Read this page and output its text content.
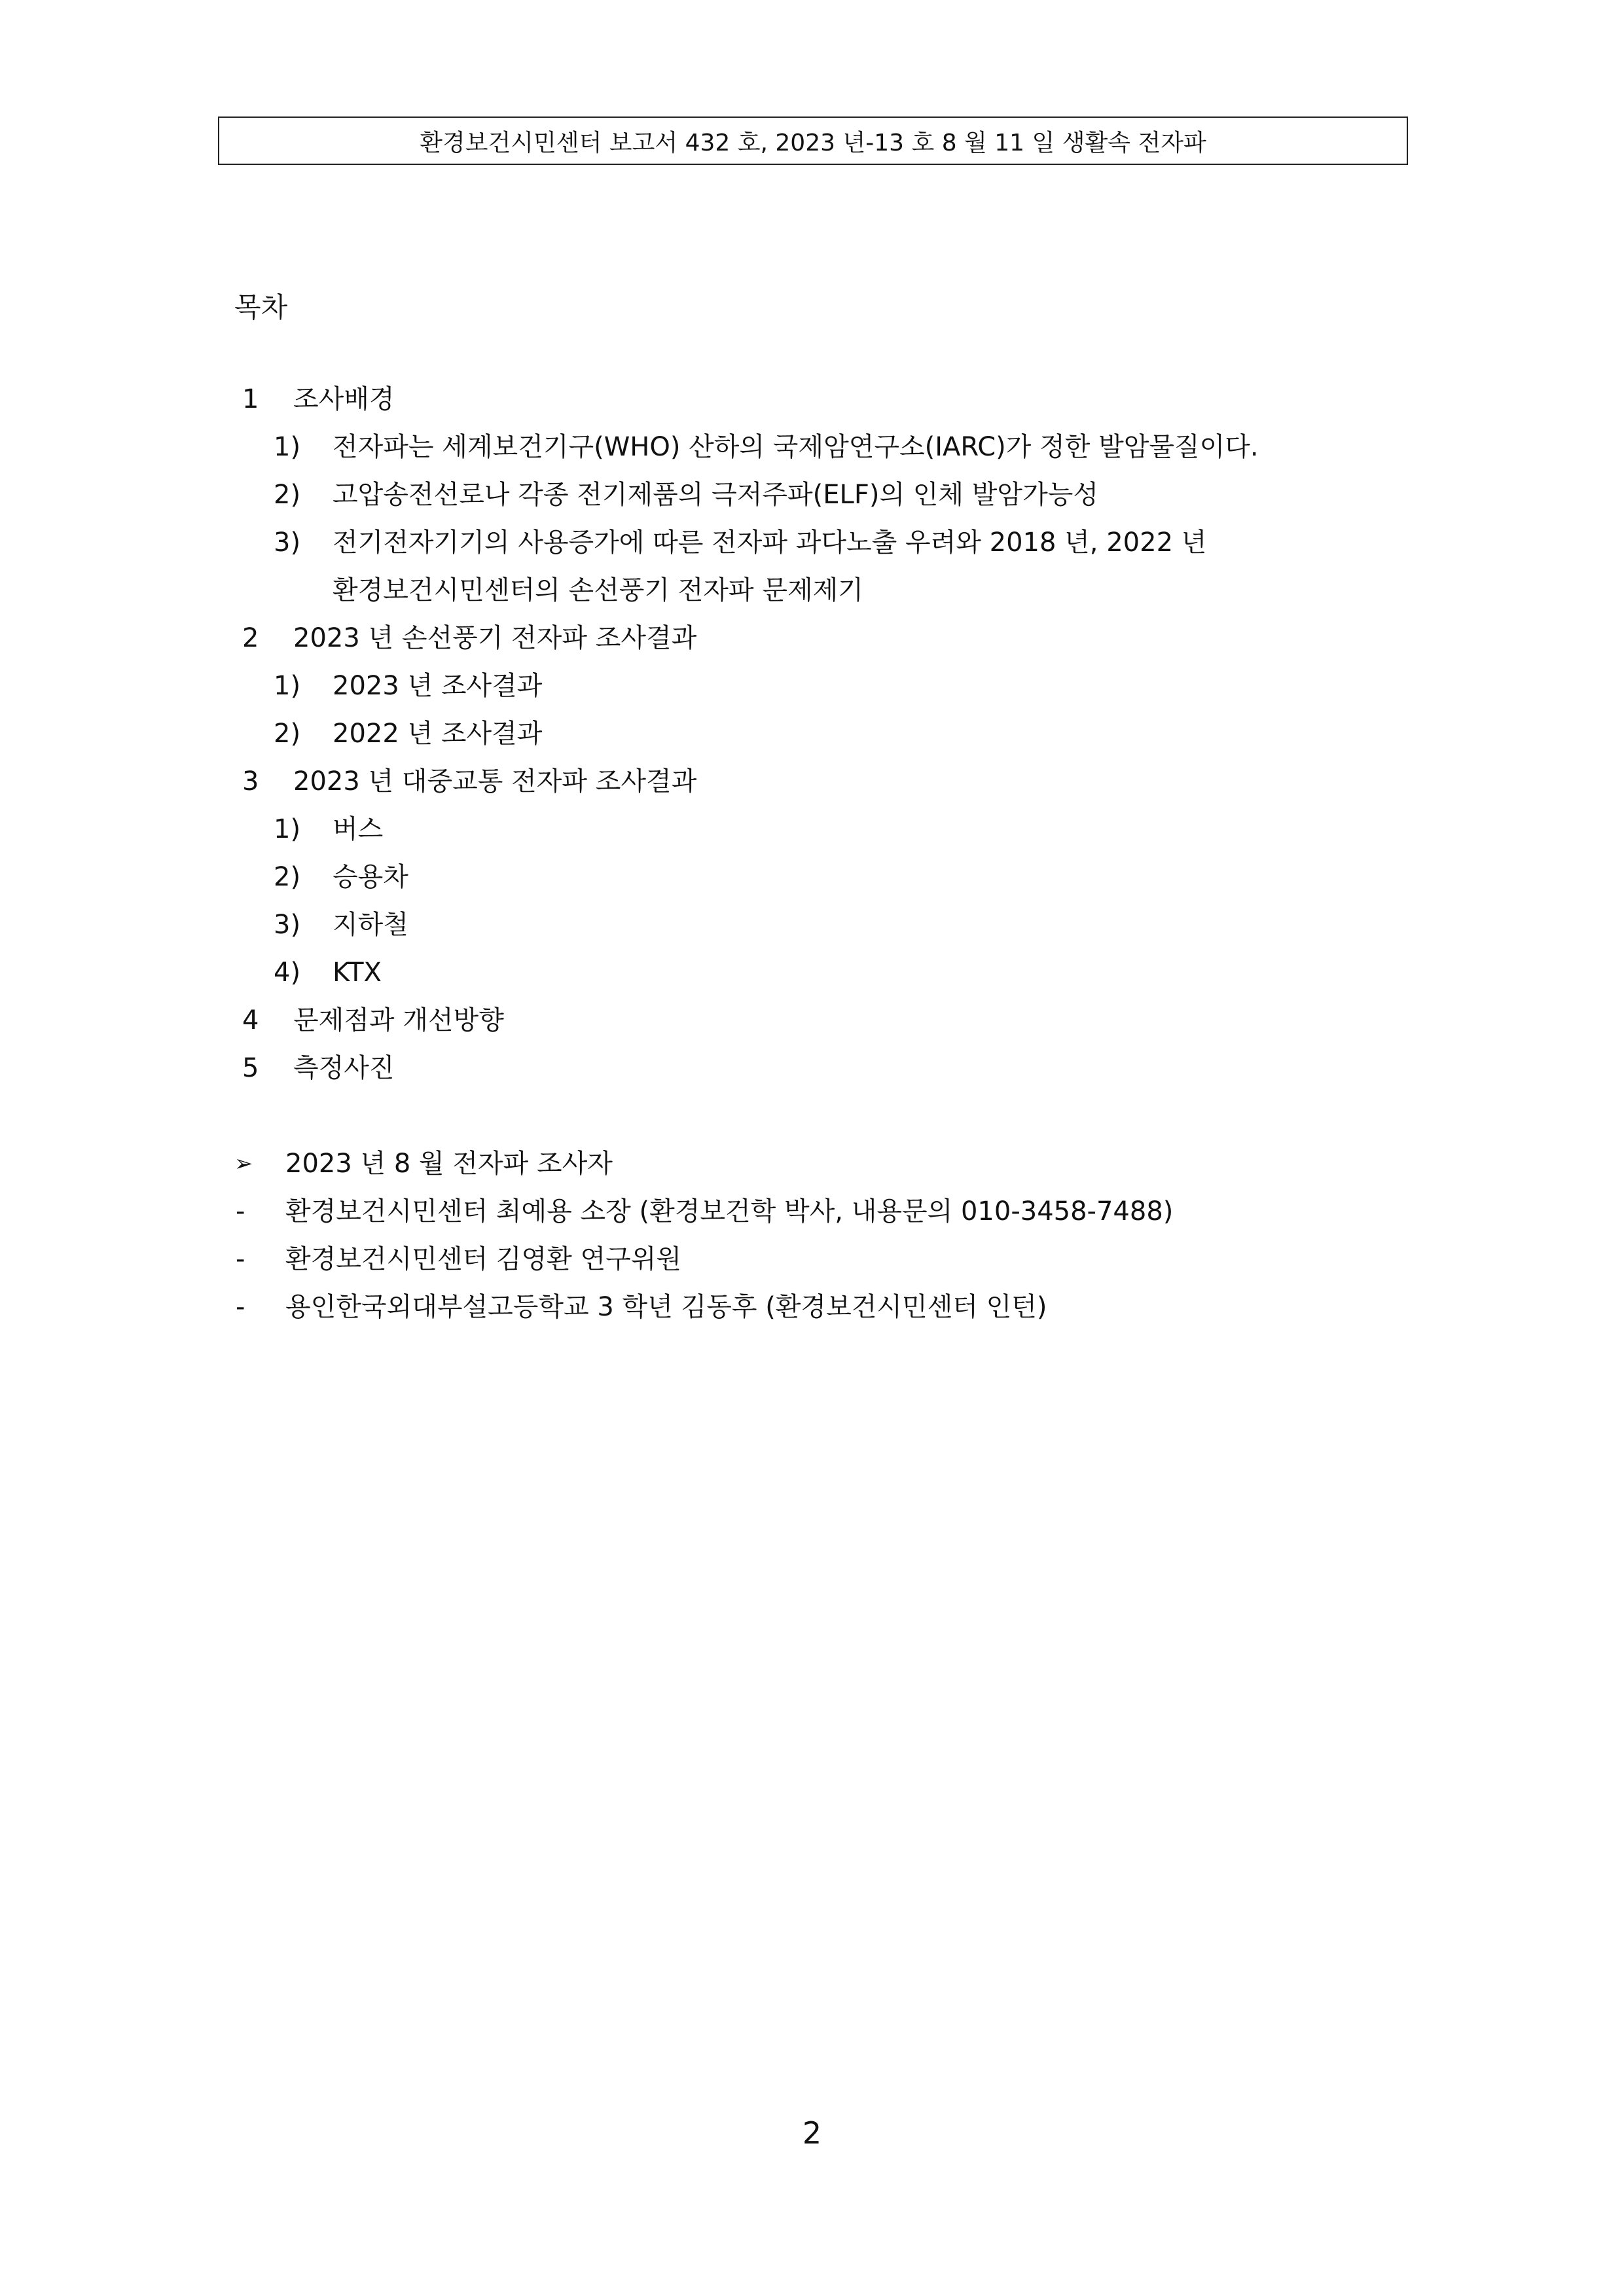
환경보건시민센터 보고서 432 호, 2023 년-13 호 8 월 11 일 생활속 전자파
목차
1 조사배경
1) 전자파는 세계보건기구(WHO) 산하의 국제암연구소(IARC)가 정한 발암물질이다.
2) 고압송전선로나 각종 전기제품의 극저주파(ELF)의 인체 발암가능성
3) 전기전자기기의 사용증가에 따른 전자파 과다노출 우려와 2018 년, 2022 년
환경보건시민센터의 손선풍기 전자파 문제제기
2 2023 년 손선풍기 전자파 조사결과
1) 2023 년 조사결과
2) 2022 년 조사결과
3 2023 년 대중교통 전자파 조사결과
1) 버스
2) 승용차
3) 지하철
4) KTX
4 문제점과 개선방향
5 측정사진
➢ 2023 년 8 월 전자파 조사자
- 환경보건시민센터 최예용 소장 (환경보건학 박사, 내용문의 010-3458-7488)
- 환경보건시민센터 김영환 연구위원
- 용인한국외대부설고등학교 3 학년 김동후 (환경보건시민센터 인턴)
2
